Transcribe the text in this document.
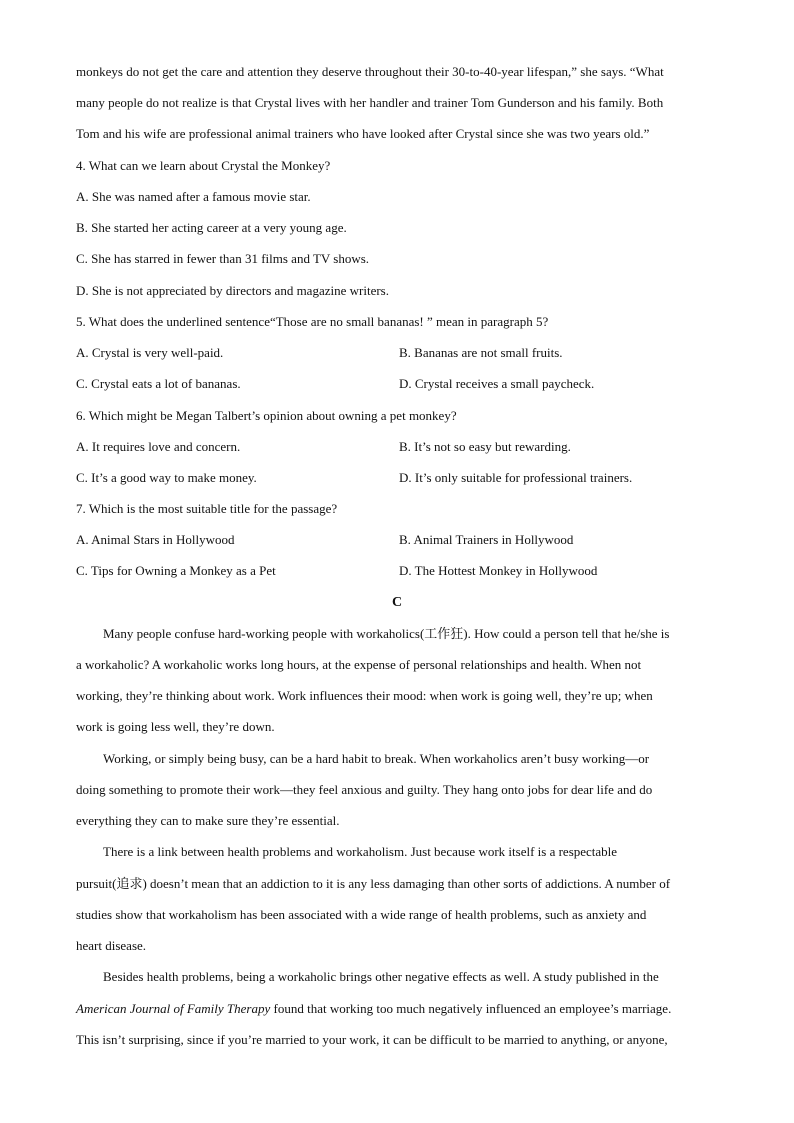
monkeys do not get the care and attention they deserve throughout their 30-to-40-year lifespan,” she says. “What
many people do not realize is that Crystal lives with her handler and trainer Tom Gunderson and his family. Both
Tom and his wife are professional animal trainers who have looked after Crystal since she was two years old.”
4. What can we learn about Crystal the Monkey?
A. She was named after a famous movie star.
B. She started her acting career at a very young age.
C. She has starred in fewer than 31 films and TV shows.
D. She is not appreciated by directors and magazine writers.
5. What does the underlined sentence“Those are no small bananas! ” mean in paragraph 5?
A. Crystal is very well-paid.	B. Bananas are not small fruits.
C. Crystal eats a lot of bananas.	D. Crystal receives a small paycheck.
6. Which might be Megan Talbert’s opinion about owning a pet monkey?
A. It requires love and concern.	B. It’s not so easy but rewarding.
C. It’s a good way to make money.	D. It’s only suitable for professional trainers.
7. Which is the most suitable title for the passage?
A. Animal Stars in Hollywood	B. Animal Trainers in Hollywood
C. Tips for Owning a Monkey as a Pet	D. The Hottest Monkey in Hollywood
C
Many people confuse hard-working people with workaholics(工作狂). How could a person tell that he/she is
a workaholic? A workaholic works long hours, at the expense of personal relationships and health. When not
working, they’re thinking about work. Work influences their mood: when work is going well, they’re up; when
work is going less well, they’re down.
Working, or simply being busy, can be a hard habit to break. When workaholics aren’t busy working—or
doing something to promote their work—they feel anxious and guilty. They hang onto jobs for dear life and do
everything they can to make sure they’re essential.
There is a link between health problems and workaholism. Just because work itself is a respectable
pursuit(追求) doesn’t mean that an addiction to it is any less damaging than other sorts of addictions. A number of
studies show that workaholism has been associated with a wide range of health problems, such as anxiety and
heart disease.
Besides health problems, being a workaholic brings other negative effects as well. A study published in the
American Journal of Family Therapy found that working too much negatively influenced an employee’s marriage.
This isn’t surprising, since if you’re married to your work, it can be difficult to be married to anything, or anyone,
